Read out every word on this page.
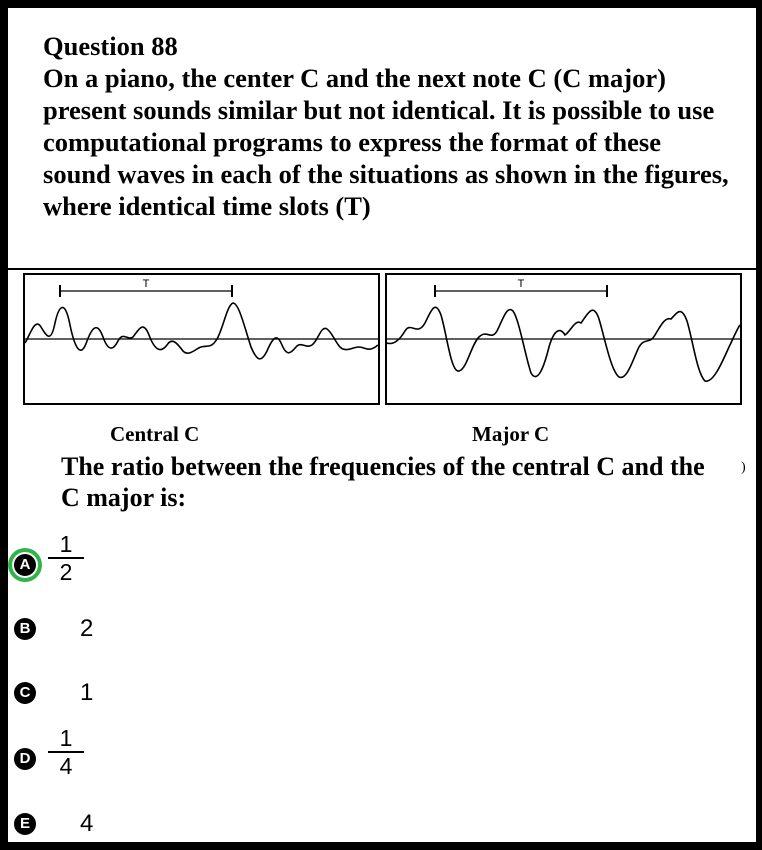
Question 88
On a piano, the center C and the next note C (C major) present sounds similar but not identical. It is possible to use computational programs to express the format of these sound waves in each of the situations as shown in the figures, where identical time slots (T)
T	T
Central C	Major C
The ratio between the frequencies of the central C and the C major is:
)
A
1
2
B 2
C 1
D
1
4
E 4
